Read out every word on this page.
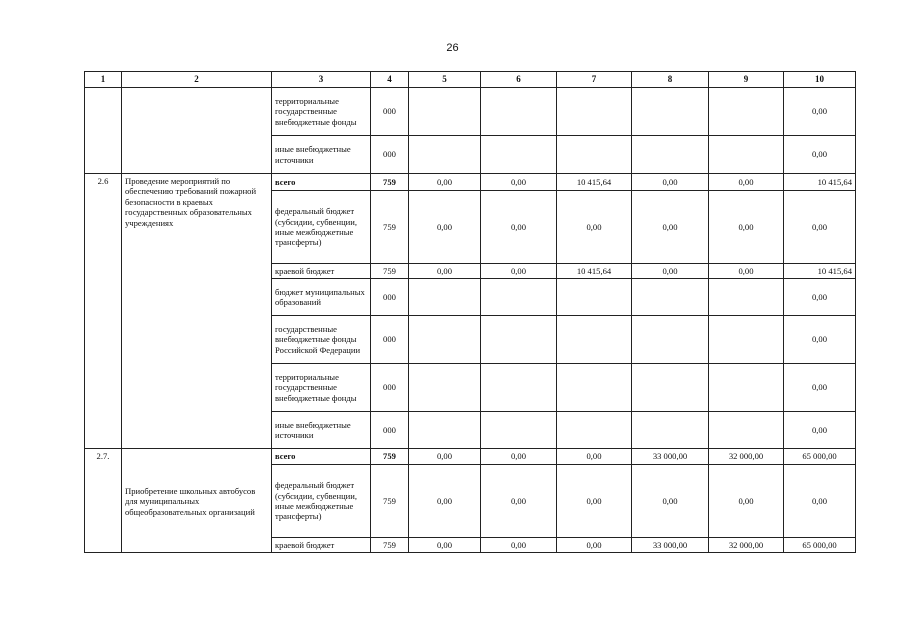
26
1	2	3	4	5	6	7	8	9	10
		территориальные государственные внебюджетные фонды	000						0,00
		иные внебюджетные источники	000						0,00
2.6	Проведение мероприятий по обеспечению требований пожарной безопасности в краевых государственных образовательных учреждениях	всего	759	0,00	0,00	10 415,64	0,00	0,00	10 415,64
		федеральный бюджет (субсидии, субвенции, иные межбюджетные трансферты)	759	0,00	0,00	0,00	0,00	0,00	0,00
		краевой бюджет	759	0,00	0,00	10 415,64	0,00	0,00	10 415,64
		бюджет муниципальных образований	000						0,00
		государственные внебюджетные фонды Российской Федерации	000						0,00
		территориальные государственные внебюджетные фонды	000						0,00
		иные внебюджетные источники	000						0,00
2.7.	Приобретение школьных автобусов для муниципальных общеобразовательных организаций	всего	759	0,00	0,00	0,00	33 000,00	32 000,00	65 000,00
		федеральный бюджет (субсидии, субвенции, иные межбюджетные трансферты)	759	0,00	0,00	0,00	0,00	0,00	0,00
		краевой бюджет	759	0,00	0,00	0,00	33 000,00	32 000,00	65 000,00
